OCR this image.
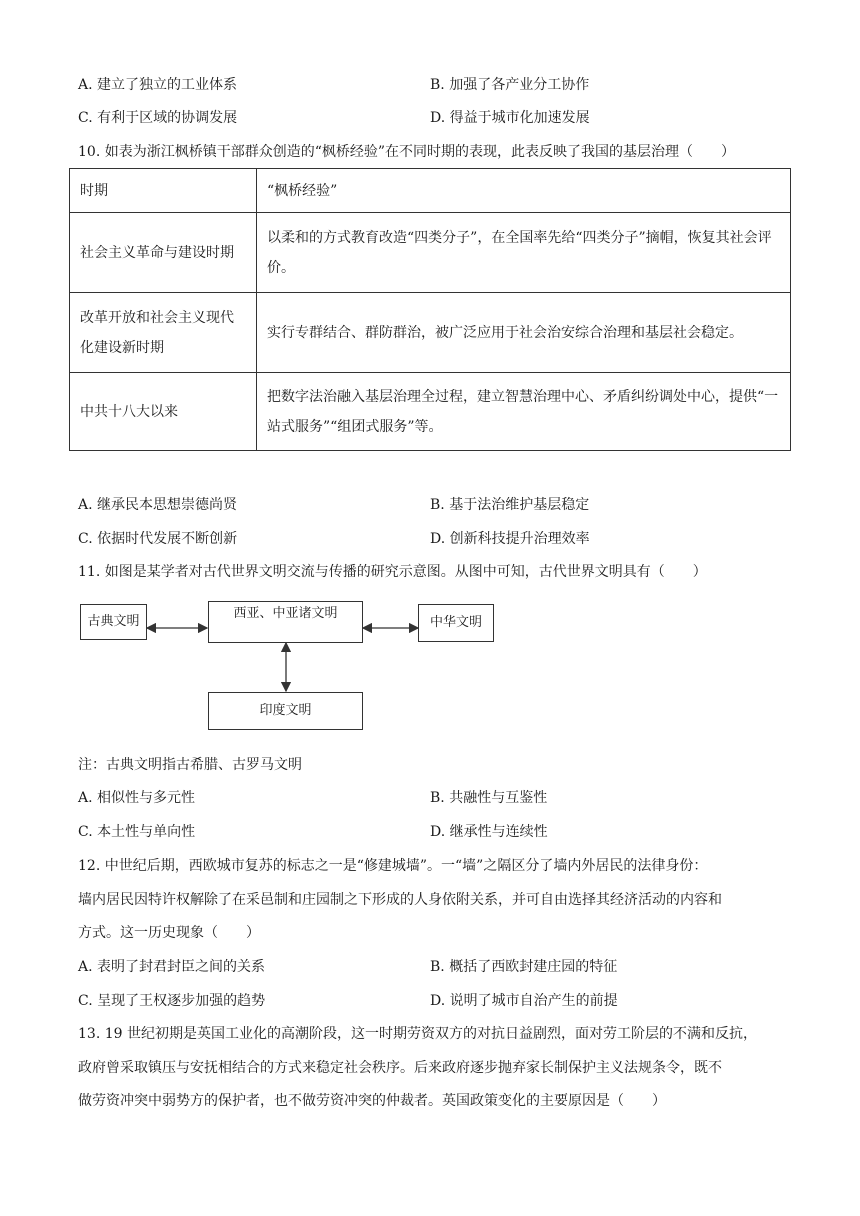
A. 建立了独立的工业体系	B. 加强了各产业分工协作
C. 有利于区域的协调发展	D. 得益于城市化加速发展
10. 如表为浙江枫桥镇干部群众创造的“枫桥经验”在不同时期的表现，此表反映了我国的基层治理（　　）
时期	“枫桥经验”
社会主义革命与建设时期	以柔和的方式教育改造“四类分子”，在全国率先给“四类分子”摘帽，恢复其社会评价。
改革开放和社会主义现代化建设新时期	实行专群结合、群防群治，被广泛应用于社会治安综合治理和基层社会稳定。
中共十八大以来	把数字法治融入基层治理全过程，建立智慧治理中心、矛盾纠纷调处中心，提供“一站式服务”“组团式服务”等。
A. 继承民本思想崇德尚贤	B. 基于法治维护基层稳定
C. 依据时代发展不断创新	D. 创新科技提升治理效率
11. 如图是某学者对古代世界文明交流与传播的研究示意图。从图中可知，古代世界文明具有（　　）
古典文明
西亚、中亚诸文明
中华文明
印度文明
注：古典文明指古希腊、古罗马文明
A. 相似性与多元性	B. 共融性与互鉴性
C. 本土性与单向性	D. 继承性与连续性
12. 中世纪后期，西欧城市复苏的标志之一是“修建城墙”。一“墙”之隔区分了墙内外居民的法律身份：
墙内居民因特许权解除了在采邑制和庄园制之下形成的人身依附关系，并可自由选择其经济活动的内容和
方式。这一历史现象（　　）
A. 表明了封君封臣之间的关系	B. 概括了西欧封建庄园的特征
C. 呈现了王权逐步加强的趋势	D. 说明了城市自治产生的前提
13. 19 世纪初期是英国工业化的高潮阶段，这一时期劳资双方的对抗日益剧烈，面对劳工阶层的不满和反抗，
政府曾采取镇压与安抚相结合的方式来稳定社会秩序。后来政府逐步抛弃家长制保护主义法规条令，既不
做劳资冲突中弱势方的保护者，也不做劳资冲突的仲裁者。英国政策变化的主要原因是（　　）
